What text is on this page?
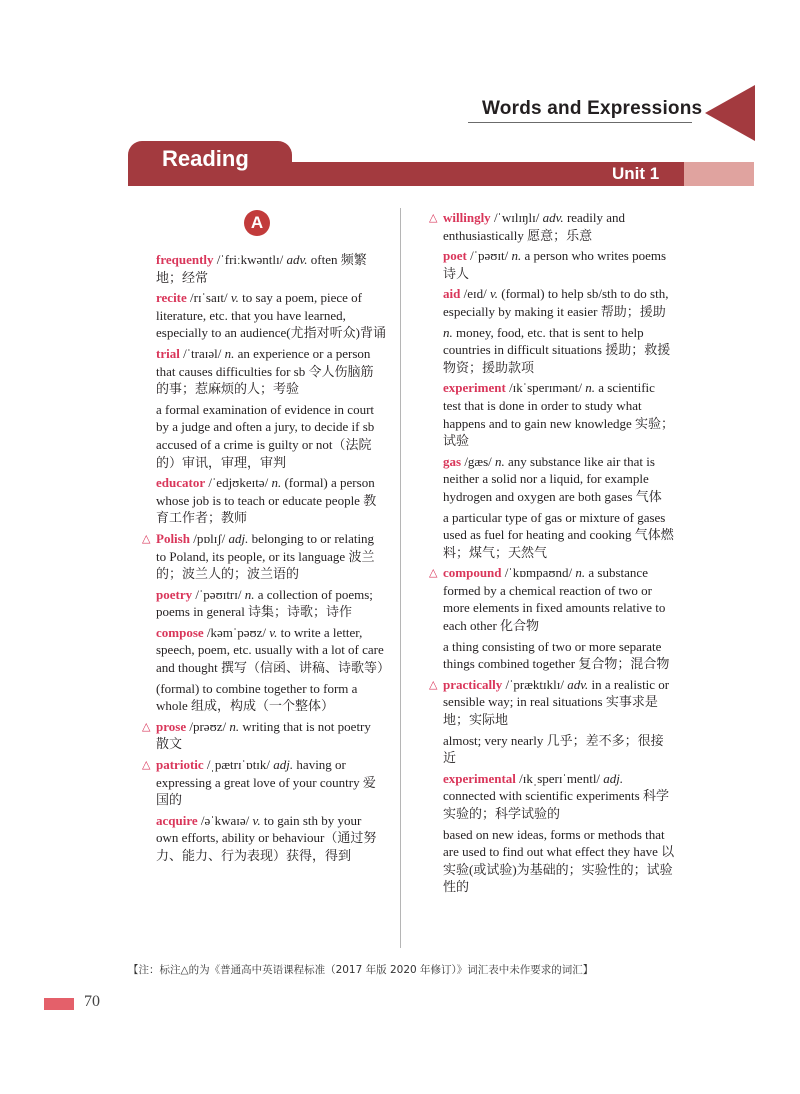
Words and Expressions
Reading
Unit 1
A

frequently /ˈfriːkwəntlɪ/ adv. often 频繁地；经常

recite /rɪˈsaɪt/ v. to say a poem, piece of literature, etc. that you have learned, especially to an audience(尤指对听众)背诵

trial /ˈtraɪəl/ n. an experience or a person that causes difficulties for sb 令人伤脑筋的事；惹麻烦的人；考验

a formal examination of evidence in court by a judge and often a jury, to decide if sb accused of a crime is guilty or not（法院的）审讯，审理，审判

educator /ˈedjʊkeɪtə/ n. (formal) a person whose job is to teach or educate people 教育工作者；教师

△ Polish /pɒlɪʃ/ adj. belonging to or relating to Poland, its people, or its language 波兰的；波兰人的；波兰语的

poetry /ˈpəʊɪtrɪ/ n. a collection of poems; poems in general 诗集；诗歌；诗作

compose /kəmˈpəʊz/ v. to write a letter, speech, poem, etc. usually with a lot of care and thought 撰写（信函、讲稿、诗歌等）

(formal) to combine together to form a whole 组成，构成（一个整体）

△ prose /prəʊz/ n. writing that is not poetry 散文

△ patriotic /ˌpætrɪˈɒtɪk/ adj. having or expressing a great love of your country 爱国的

acquire /əˈkwaɪə/ v. to gain sth by your own efforts, ability or behaviour（通过努力、能力、行为表现）获得，得到

△ willingly /ˈwɪlɪŋlɪ/ adv. readily and enthusiastically 愿意；乐意

poet /ˈpəʊɪt/ n. a person who writes poems 诗人

aid /eɪd/ v. (formal) to help sb/sth to do sth, especially by making it easier 帮助；援助

n. money, food, etc. that is sent to help countries in difficult situations 援助；救援物资；援助款项

experiment /ɪkˈsperɪmənt/ n. a scientific test that is done in order to study what happens and to gain new knowledge 实验；试验

gas /gæs/ n. any substance like air that is neither a solid nor a liquid, for example hydrogen and oxygen are both gases 气体

a particular type of gas or mixture of gases used as fuel for heating and cooking 气体燃料；煤气；天然气

△ compound /ˈkɒmpaʊnd/ n. a substance formed by a chemical reaction of two or more elements in fixed amounts relative to each other 化合物

a thing consisting of two or more separate things combined together 复合物；混合物

△ practically /ˈpræktɪklɪ/ adv. in a realistic or sensible way; in real situations 实事求是地；实际地

almost; very nearly 几乎；差不多；很接近

experimental /ɪkˌsperɪˈmentl/ adj. connected with scientific experiments 科学实验的；科学试验的

based on new ideas, forms or methods that are used to find out what effect they have 以实验(或试验)为基础的；实验性的；试验性的

【注：标注△的为《普通高中英语课程标准（2017 年版 2020 年修订）》词汇表中未作要求的词汇】
70
